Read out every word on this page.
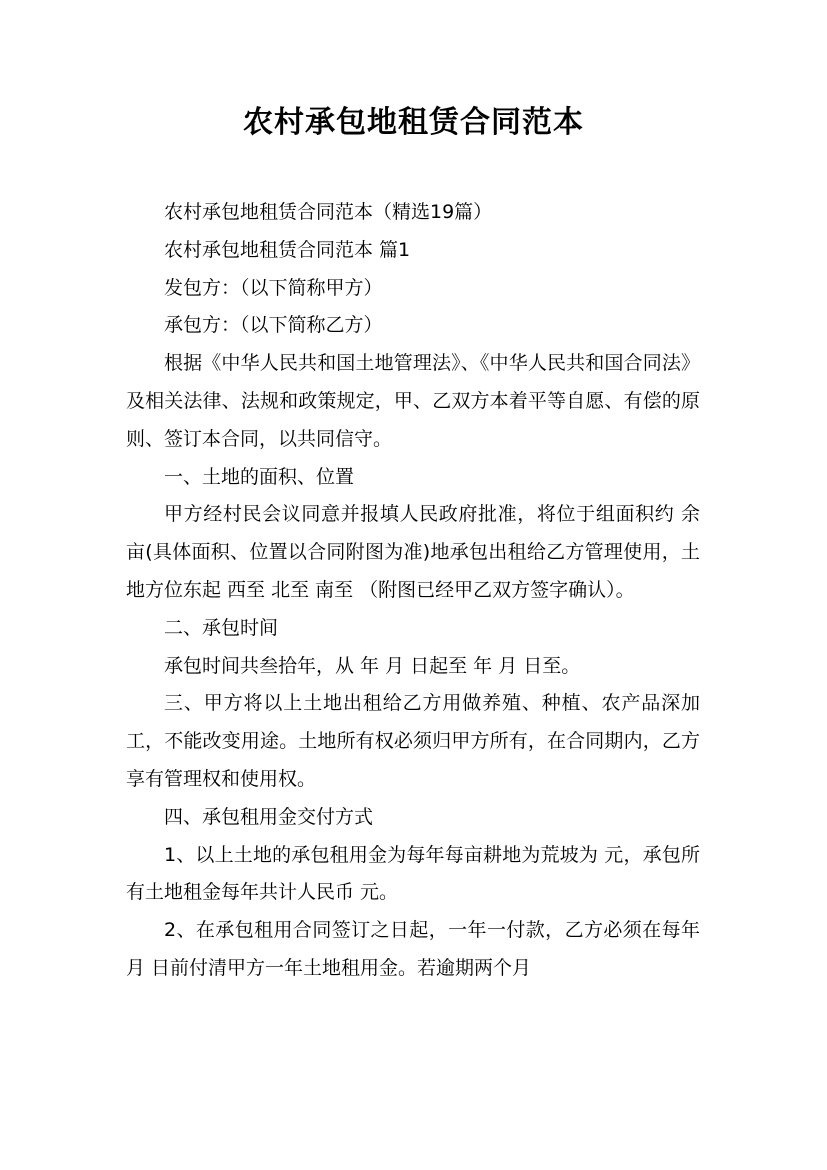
农村承包地租赁合同范本

农村承包地租赁合同范本（精选19篇）

农村承包地租赁合同范本 篇1

发包方：（以下简称甲方）

承包方：（以下简称乙方）

根据《中华人民共和国土地管理法》、《中华人民共和国合同法》及相关法律、法规和政策规定，甲、乙双方本着平等自愿、有偿的原则、签订本合同，以共同信守。

一、土地的面积、位置

甲方经村民会议同意并报填人民政府批准，将位于组面积约 余亩(具体面积、位置以合同附图为准)地承包出租给乙方管理使用，土地方位东起 西至 北至 南至 （附图已经甲乙双方签字确认）。

二、承包时间

承包时间共叁拾年，从 年 月 日起至 年 月 日至。

三、甲方将以上土地出租给乙方用做养殖、种植、农产品深加工，不能改变用途。土地所有权必须归甲方所有，在合同期内，乙方享有管理权和使用权。

四、承包租用金交付方式

1、以上土地的承包租用金为每年每亩耕地为荒坡为 元，承包所有土地租金每年共计人民币 元。

2、在承包租用合同签订之日起，一年一付款，乙方必须在每年 月 日前付清甲方一年土地租用金。若逾期两个月
